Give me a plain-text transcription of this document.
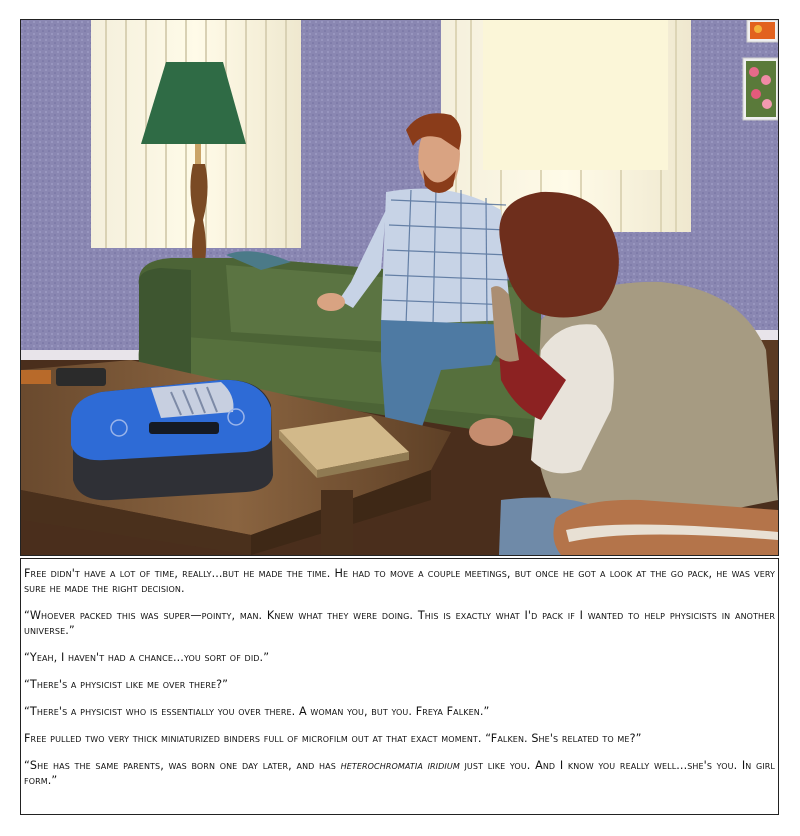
Free didn't have a lot of time, really...but he made the time. He had to move a couple meetings, but once he got a look at the go pack, he was very sure he made the right decision.

“Whoever packed this was super—pointy, man. Knew what they were doing. This is exactly what I'd pack if I wanted to help physicists in another universe.”

“Yeah, I haven't had a chance...you sort of did.”

“There's a physicist like me over there?”

“There's a physicist who is essentially you over there. A woman you, but you. Freya Falken.”

Free pulled two very thick miniaturized binders full of microfilm out at that exact moment. “Falken. She's related to me?”

“She has the same parents, was born one day later, and has heterochromatia iridium just like you. And I know you really well...she's you. In girl form.”
